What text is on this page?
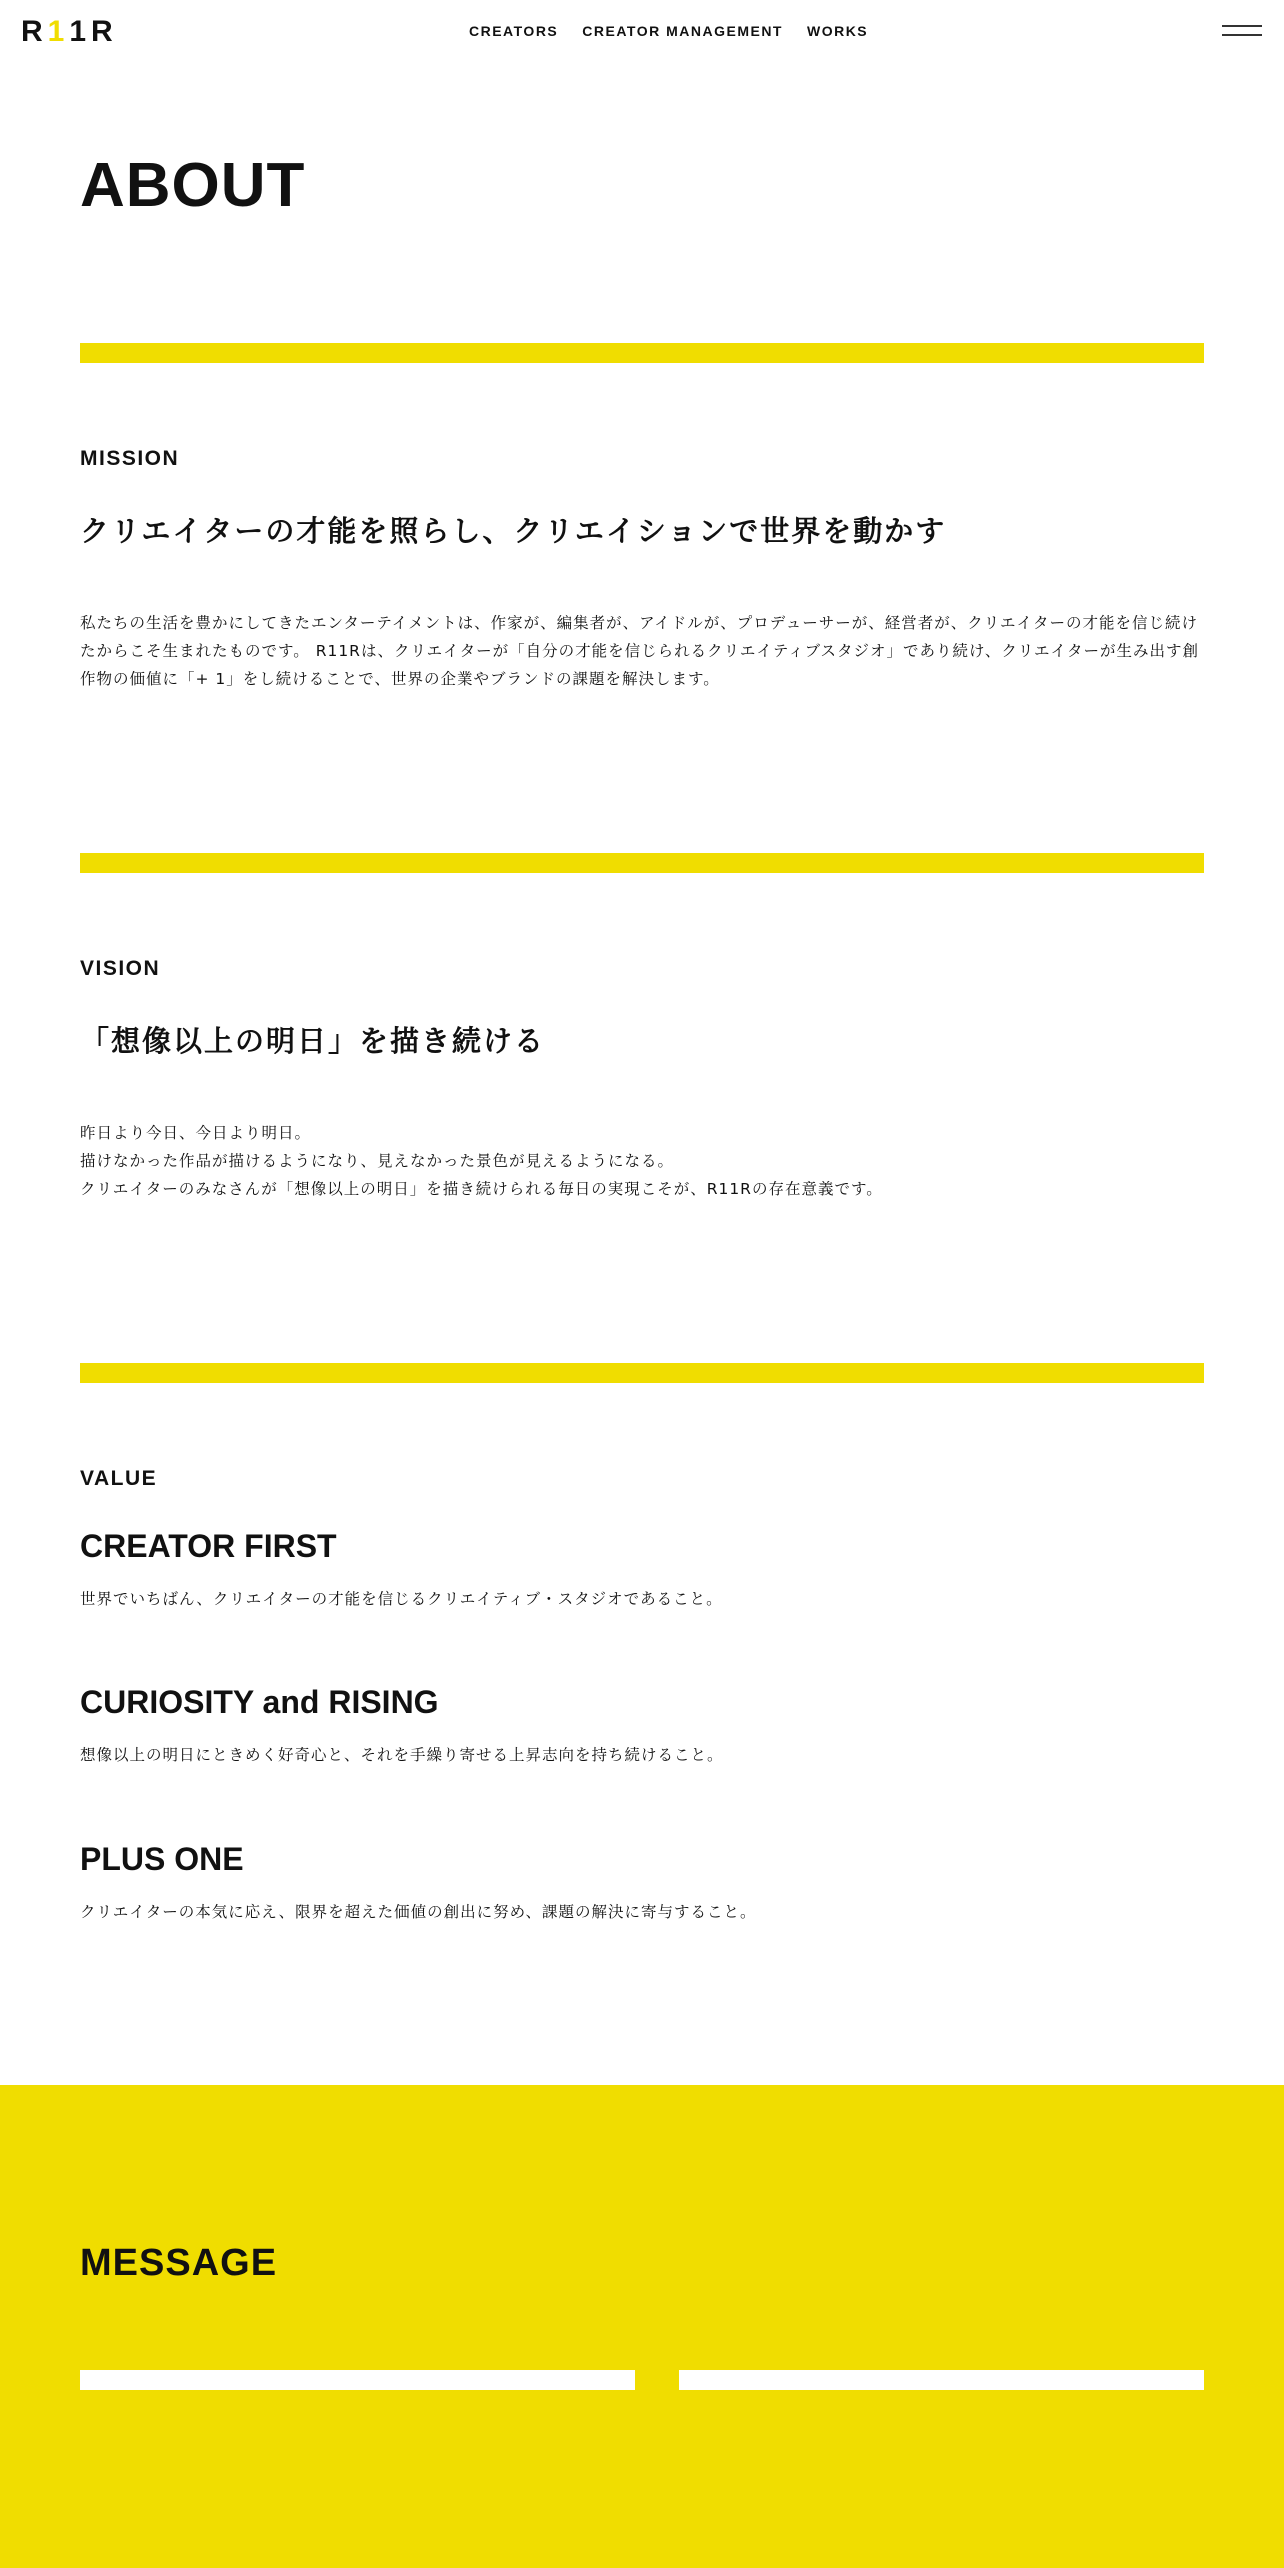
R 1 1 R	CREATORS CREATOR MANAGEMENT WORKS
ABOUT
MISSION
クリエイターの才能を照らし、クリエイションで世界を動かす

私たちの生活を豊かにしてきたエンターテイメントは、作家が、編集者が、アイドルが、プロデューサーが、経営者が、クリエイターの才能を信じ続けたからこそ生まれたものです。 R11Rは、クリエイターが「自分の才能を信じられるクリエイティブスタジオ」であり続け、クリエイターが生み出す創作物の価値に「+ 1」をし続けることで、世界の企業やブランドの課題を解決します。

VISION
「想像以上の明日」を描き続ける

昨日より今日、今日より明日。

描けなかった作品が描けるようになり、見えなかった景色が見えるようになる。

クリエイターのみなさんが「想像以上の明日」を描き続けられる毎日の実現こそが、R11Rの存在意義です。

VALUE
CREATOR FIRST

世界でいちばん、クリエイターの才能を信じるクリエイティブ・スタジオであること。

CURIOSITY and RISING

想像以上の明日にときめく好奇心と、それを手繰り寄せる上昇志向を持ち続けること。

PLUS ONE

クリエイターの本気に応え、限界を超えた価値の創出に努め、課題の解決に寄与すること。

MESSAGE
